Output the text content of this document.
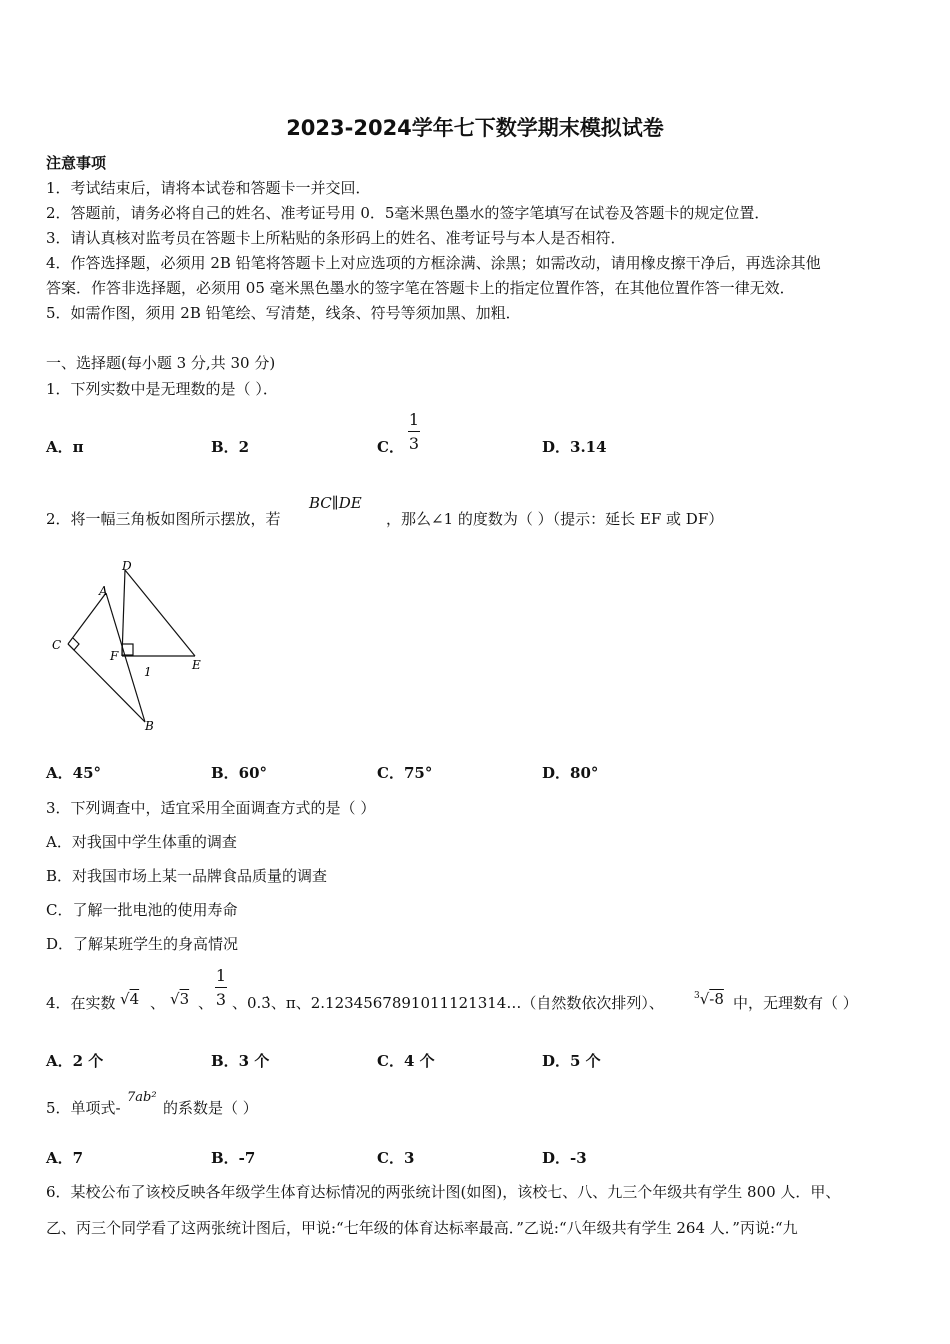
2023-2024学年七下数学期末模拟试卷
注意事项
1．考试结束后，请将本试卷和答题卡一并交回．
2．答题前，请务必将自己的姓名、准考证号用 0．5毫米黑色墨水的签字笔填写在试卷及答题卡的规定位置．
3．请认真核对监考员在答题卡上所粘贴的条形码上的姓名、准考证号与本人是否相符．
4．作答选择题，必须用 2B 铅笔将答题卡上对应选项的方框涂满、涂黑；如需改动，请用橡皮擦干净后，再选涂其他
答案．作答非选择题，必须用 05 毫米黑色墨水的签字笔在答题卡上的指定位置作答，在其他位置作答一律无效．
5．如需作图，须用 2B 铅笔绘、写清楚，线条、符号等须加黑、加粗．
一、选择题(每小题 3 分,共 30 分)
1．下列实数中是无理数的是（ ）．
A．π	B．2	C．
1
3	D．3.14
2．将一幅三角板如图所示摆放，若
BC∥DE
，那么∠1 的度数为（ ）（提示：延长 EF 或 DF）
D
A
C
F
1	E
B
A．45°	B．60°	C．75°	D．80°
3．下列调查中，适宜采用全面调查方式的是（ ）
A．对我国中学生体重的调查
B．对我国市场上某一品牌食品质量的调查
C．了解一批电池的使用寿命
D．了解某班学生的身高情况
4．在实数 √4 、 √3 、
1
3 、0.3̇、π、2.1234567891011121314…（自然数依次排列）、	$^3$√-8 中，无理数有（ ）
A．2 个	B．3 个	C．4 个	D．5 个
5．单项式-
7ab²
的系数是（ ）
A．7	B．-7	C．3	D．-3
6．某校公布了该校反映各年级学生体育达标情况的两张统计图(如图)，该校七、八、九三个年级共有学生 800 人．甲、
乙、丙三个同学看了这两张统计图后，甲说:“七年级的体育达标率最高．”乙说:“八年级共有学生 264 人．”丙说:“九
